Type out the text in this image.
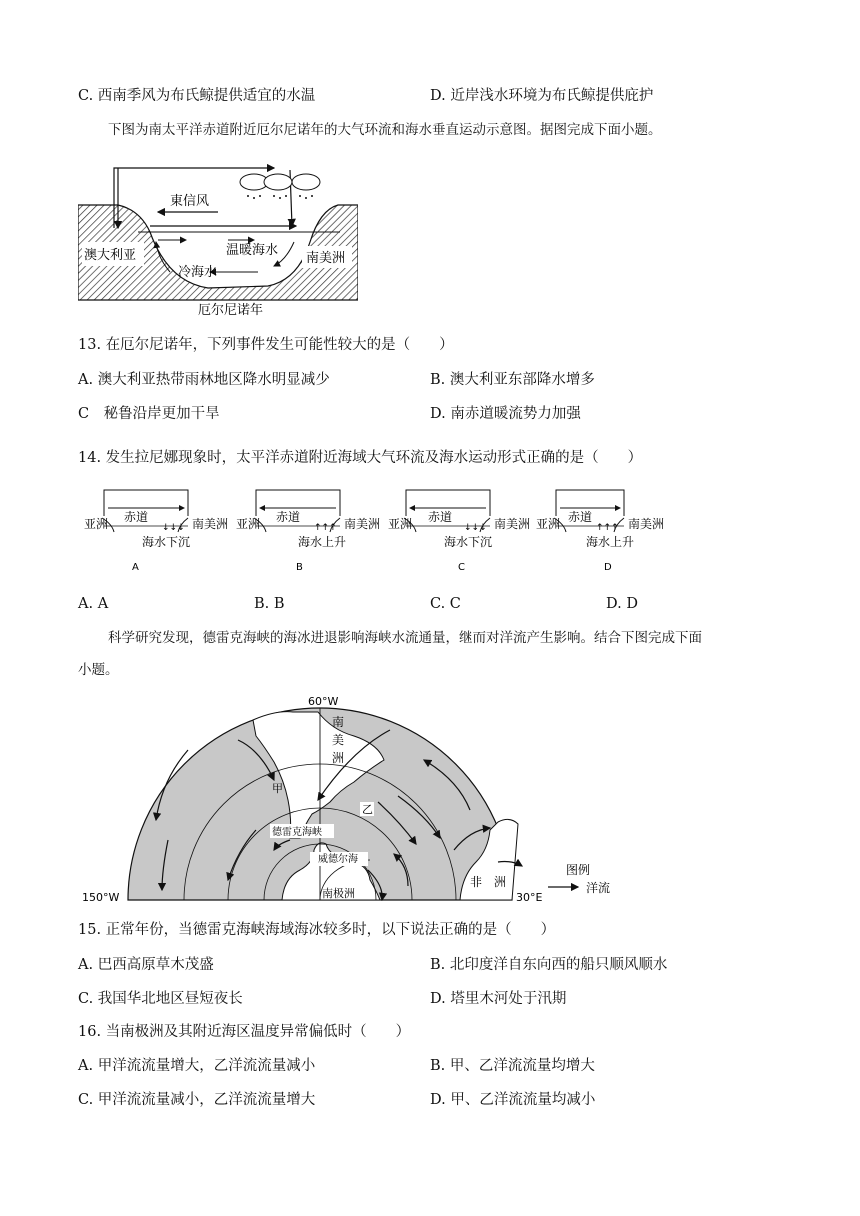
C. 西南季风为布氏鲸提供适宜的水温	D. 近岸浅水环境为布氏鲸提供庇护
下图为南太平洋赤道附近厄尔尼诺年的大气环流和海水垂直运动示意图。据图完成下面小题。
東信风
澳大利亚	温暖海水
南美洲
冷海水
厄尔尼诺年
13. 在厄尔尼诺年，下列事件发生可能性较大的是（　　）
A. 澳大利亚热带雨林地区降水明显减少	B. 澳大利亚东部降水增多
C　秘鲁沿岸更加干旱	D. 南赤道暖流势力加强
14. 发生拉尼娜现象时，太平洋赤道附近海域大气环流及海水运动形式正确的是（　　）
↓↓↓
亚洲 赤道	南美洲
海水下沉
A
↑↑↑
亚洲 赤道	南美洲
海水上升
B
↓↓↓
亚洲 赤道	南美洲
海水下沉
C
↑↑↑
亚洲 赤道	南美洲
海水上升
D
A. A	B. B	C. C	D. D
科学研究发现，德雷克海峡的海冰进退影响海峡水流通量，继而对洋流产生影响。结合下图完成下面
小题。
60°W
150°W	30°E
南
美
洲
甲
乙
德雷克海峡
威德尔海
南极洲
非　洲
图例
洋流
15. 正常年份，当德雷克海峡海域海冰较多时，以下说法正确的是（　　）
A. 巴西高原草木茂盛	B. 北印度洋自东向西的船只顺风顺水
C. 我国华北地区昼短夜长	D. 塔里木河处于汛期
16. 当南极洲及其附近海区温度异常偏低时（　　）
A. 甲洋流流量增大，乙洋流流量减小	B. 甲、乙洋流流量均增大
C. 甲洋流流量减小，乙洋流流量增大	D. 甲、乙洋流流量均减小
